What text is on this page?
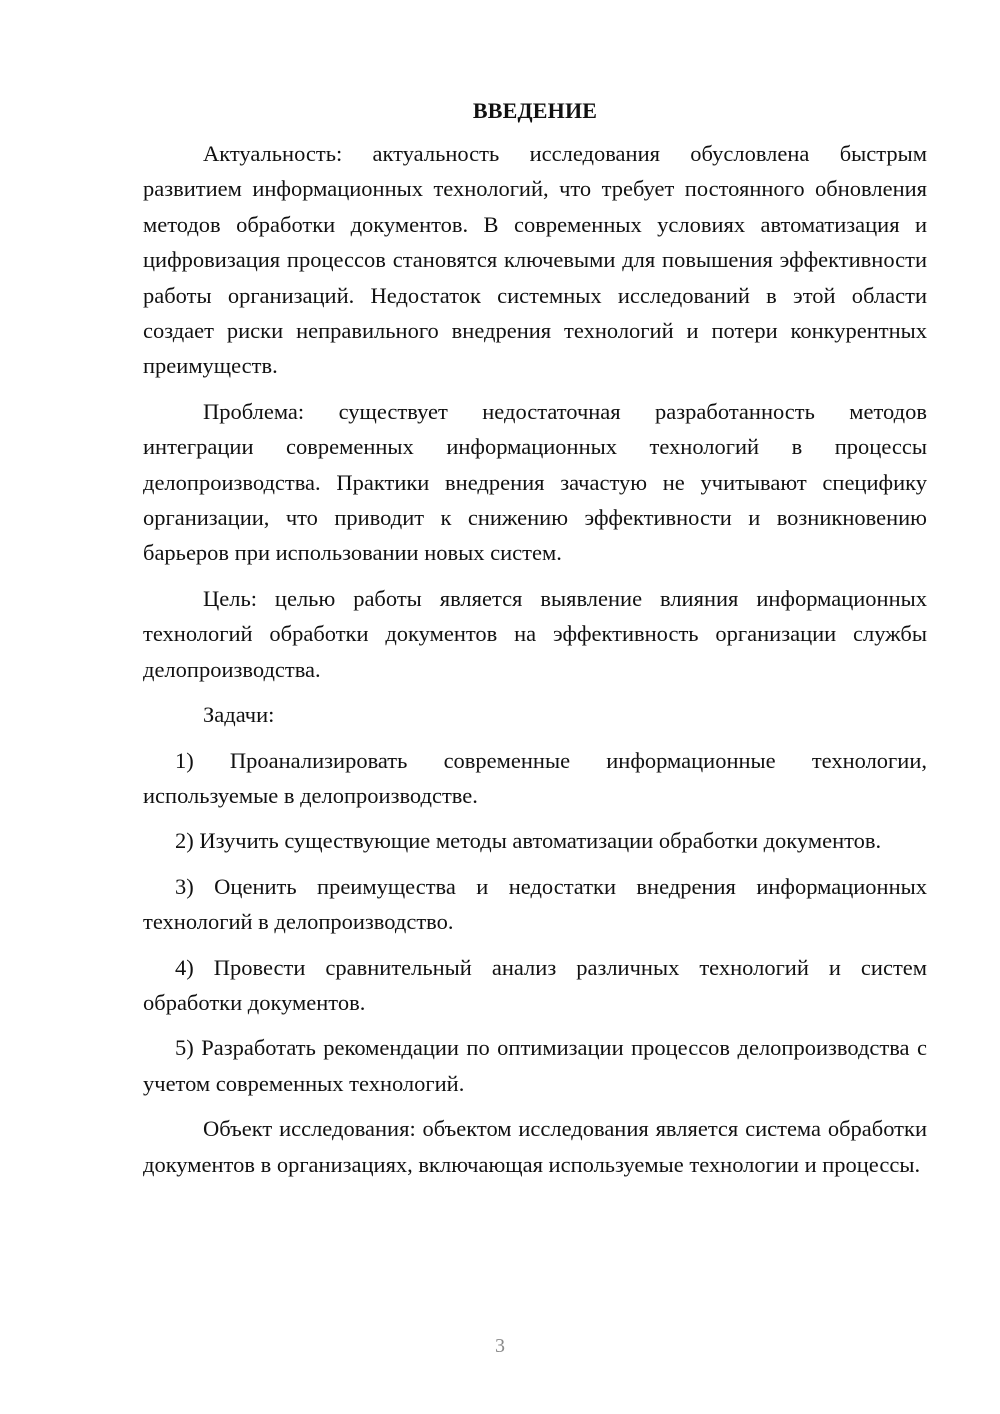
ВВЕДЕНИЕ

Актуальность: актуальность исследования обусловлена быстрым развитием информационных технологий, что требует постоянного обновления методов обработки документов. В современных условиях автоматизация и цифровизация процессов становятся ключевыми для повышения эффективности работы организаций. Недостаток системных исследований в этой области создает риски неправильного внедрения технологий и потери конкурентных преимуществ.

Проблема: существует недостаточная разработанность методов интеграции современных информационных технологий в процессы делопроизводства. Практики внедрения зачастую не учитывают специфику организации, что приводит к снижению эффективности и возникновению барьеров при использовании новых систем.

Цель: целью работы является выявление влияния информационных технологий обработки документов на эффективность организации службы делопроизводства.

Задачи:

1) Проанализировать современные информационные технологии, используемые в делопроизводстве.

2) Изучить существующие методы автоматизации обработки документов.

3) Оценить преимущества и недостатки внедрения информационных технологий в делопроизводство.

4) Провести сравнительный анализ различных технологий и систем обработки документов.

5) Разработать рекомендации по оптимизации процессов делопроизводства с учетом современных технологий.

Объект исследования: объектом исследования является система обработки документов в организациях, включающая используемые технологии и процессы.

3
